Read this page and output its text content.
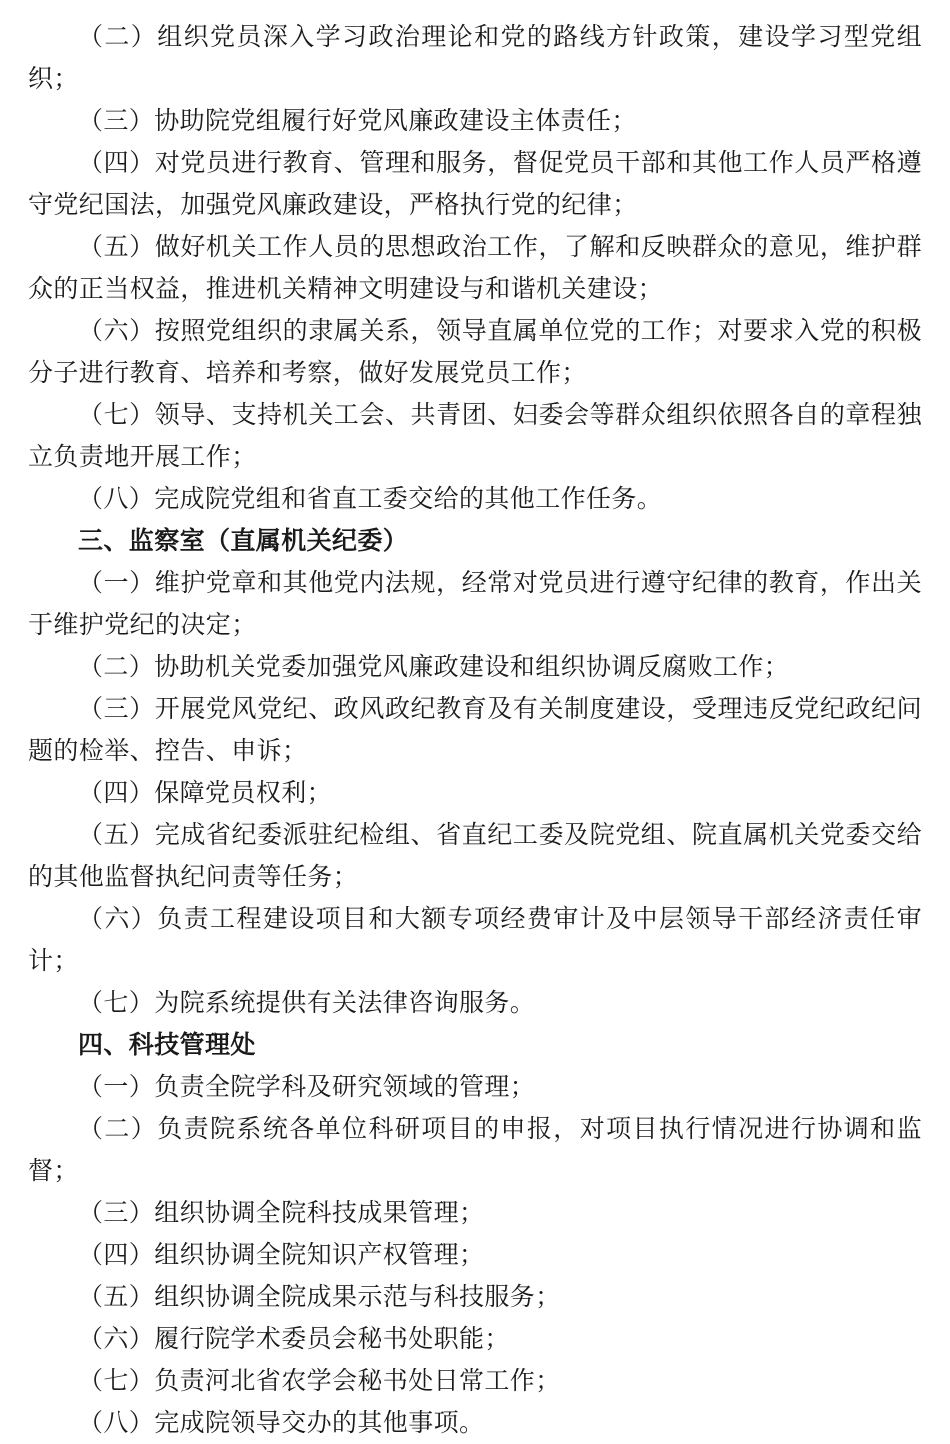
（二）组织党员深入学习政治理论和党的路线方针政策，建设学习型党组织；

（三）协助院党组履行好党风廉政建设主体责任；

（四）对党员进行教育、管理和服务，督促党员干部和其他工作人员严格遵守党纪国法，加强党风廉政建设，严格执行党的纪律；

（五）做好机关工作人员的思想政治工作，了解和反映群众的意见，维护群众的正当权益，推进机关精神文明建设与和谐机关建设；

（六）按照党组织的隶属关系，领导直属单位党的工作；对要求入党的积极分子进行教育、培养和考察，做好发展党员工作；

（七）领导、支持机关工会、共青团、妇委会等群众组织依照各自的章程独立负责地开展工作；

（八）完成院党组和省直工委交给的其他工作任务。

三、监察室（直属机关纪委）

（一）维护党章和其他党内法规，经常对党员进行遵守纪律的教育，作出关于维护党纪的决定；

（二）协助机关党委加强党风廉政建设和组织协调反腐败工作；

（三）开展党风党纪、政风政纪教育及有关制度建设，受理违反党纪政纪问题的检举、控告、申诉；

（四）保障党员权利；

（五）完成省纪委派驻纪检组、省直纪工委及院党组、院直属机关党委交给的其他监督执纪问责等任务；

（六）负责工程建设项目和大额专项经费审计及中层领导干部经济责任审计；

（七）为院系统提供有关法律咨询服务。

四、科技管理处

（一）负责全院学科及研究领域的管理；

（二）负责院系统各单位科研项目的申报，对项目执行情况进行协调和监督；

（三）组织协调全院科技成果管理；

（四）组织协调全院知识产权管理；

（五）组织协调全院成果示范与科技服务；

（六）履行院学术委员会秘书处职能；

（七）负责河北省农学会秘书处日常工作；

（八）完成院领导交办的其他事项。
